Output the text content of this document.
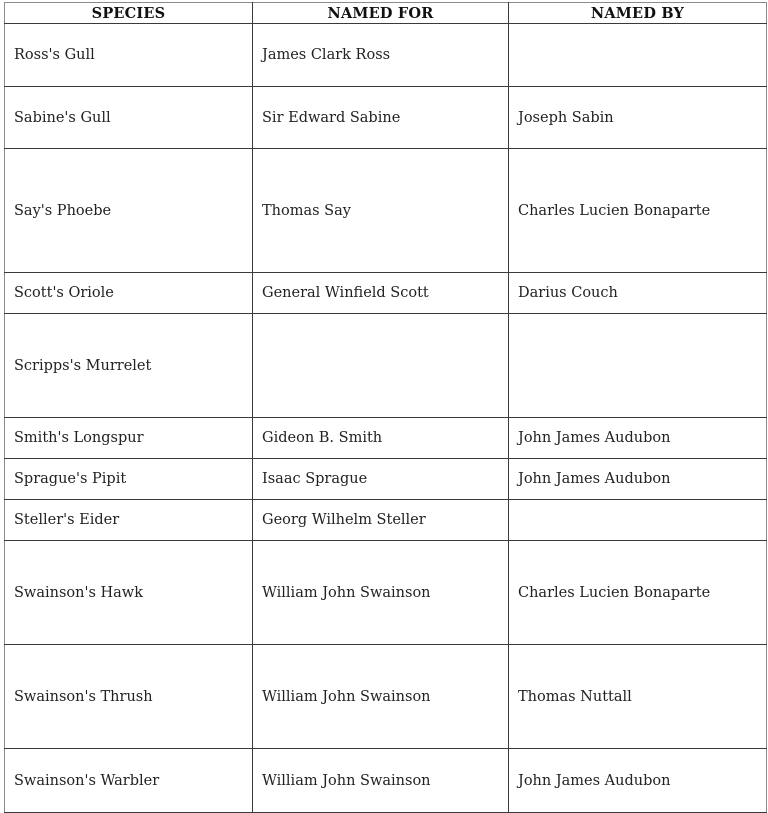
SPECIES	NAMED FOR	NAMED BY
Ross's Gull	James Clark Ross	
Sabine's Gull	Sir Edward Sabine	Joseph Sabin
Say's Phoebe	Thomas Say	Charles Lucien Bonaparte
Scott's Oriole	General Winfield Scott	Darius Couch
Scripps's Murrelet		
Smith's Longspur	Gideon B. Smith	John James Audubon
Sprague's Pipit	Isaac Sprague	John James Audubon
Steller's Eider	Georg Wilhelm Steller	
Swainson's Hawk	William John Swainson	Charles Lucien Bonaparte
Swainson's Thrush	William John Swainson	Thomas Nuttall
Swainson's Warbler	William John Swainson	John James Audubon
